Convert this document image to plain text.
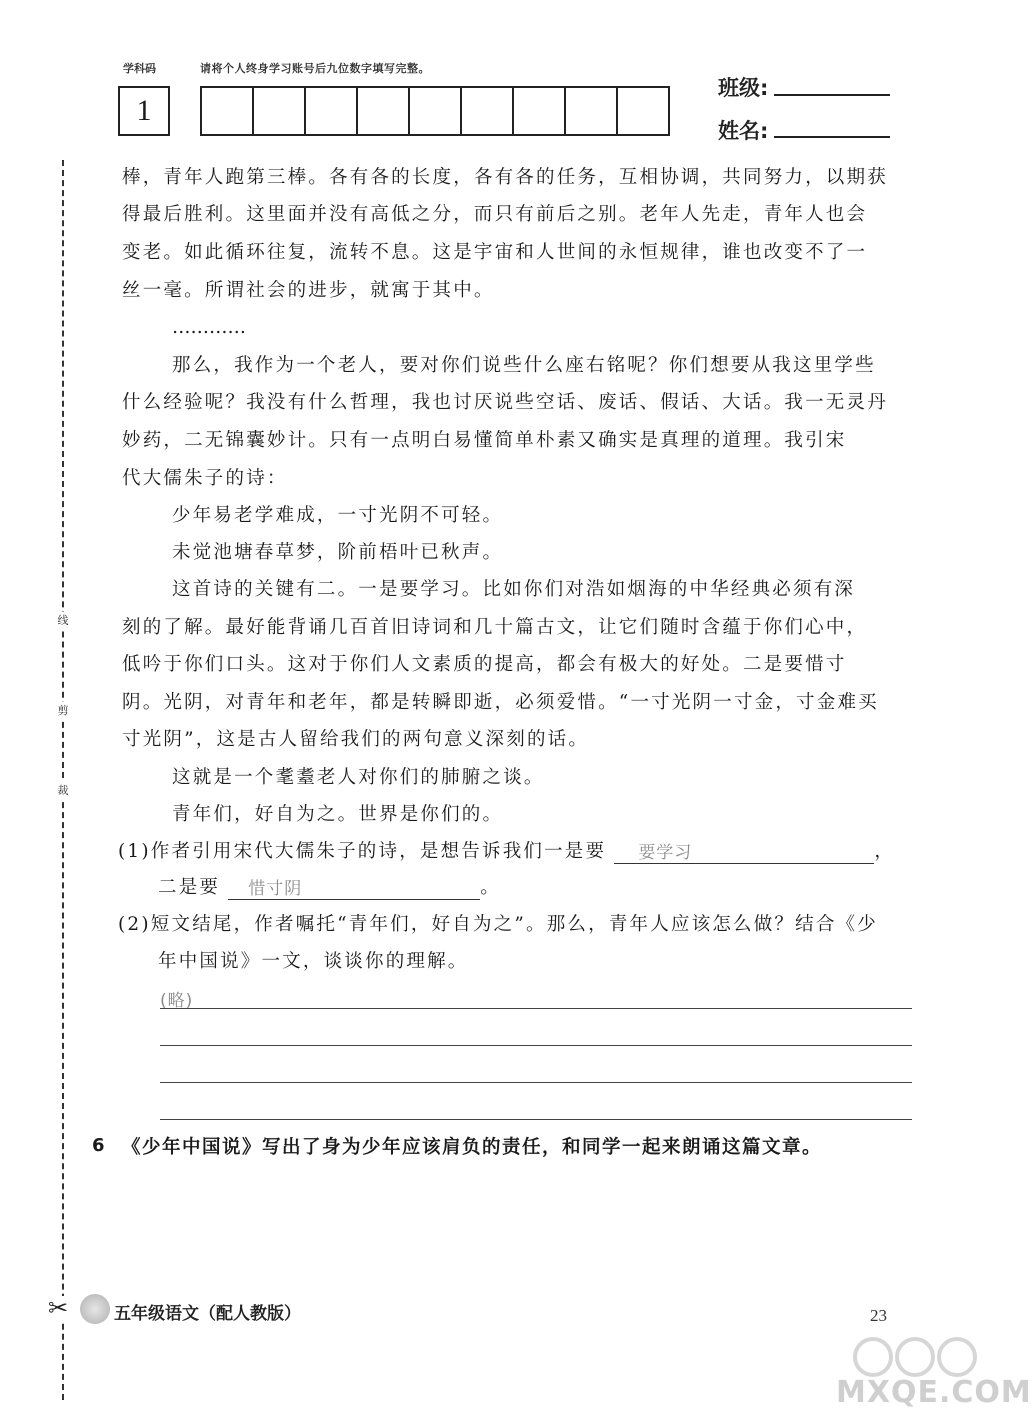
学科码	请将个人终身学习账号后九位数字填写完整。
1
班级:
姓名:
线
剪
裁
✂
棒，青年人跑第三棒。各有各的长度，各有各的任务，互相协调，共同努力，以期获
得最后胜利。这里面并没有高低之分，而只有前后之别。老年人先走，青年人也会
变老。如此循环往复，流转不息。这是宇宙和人世间的永恒规律，谁也改变不了一
丝一毫。所谓社会的进步，就寓于其中。
…………
那么，我作为一个老人，要对你们说些什么座右铭呢？你们想要从我这里学些
什么经验呢？我没有什么哲理，我也讨厌说些空话、废话、假话、大话。我一无灵丹
妙药，二无锦囊妙计。只有一点明白易懂简单朴素又确实是真理的道理。我引宋
代大儒朱子的诗：
少年易老学难成，一寸光阴不可轻。
未觉池塘春草梦，阶前梧叶已秋声。
这首诗的关键有二。一是要学习。比如你们对浩如烟海的中华经典必须有深
刻的了解。最好能背诵几百首旧诗词和几十篇古文，让它们随时含蕴于你们心中，
低吟于你们口头。这对于你们人文素质的提高，都会有极大的好处。二是要惜寸
阴。光阴，对青年和老年，都是转瞬即逝，必须爱惜。“一寸光阴一寸金，寸金难买
寸光阴”，这是古人留给我们的两句意义深刻的话。
这就是一个耄耋老人对你们的肺腑之谈。
青年们，好自为之。世界是你们的。
(1)作者引用宋代大儒朱子的诗，是想告诉我们一是要 要学习	，
二是要 惜寸阴	。
(2)短文结尾，作者嘱托“青年们，好自为之”。那么，青年人应该怎么做？结合《少
年中国说》一文，谈谈你的理解。
(略)
6 《少年中国说》写出了身为少年应该肩负的责任，和同学一起来朗诵这篇文章。
五年级语文（配人教版）	23
MXQE.COM
